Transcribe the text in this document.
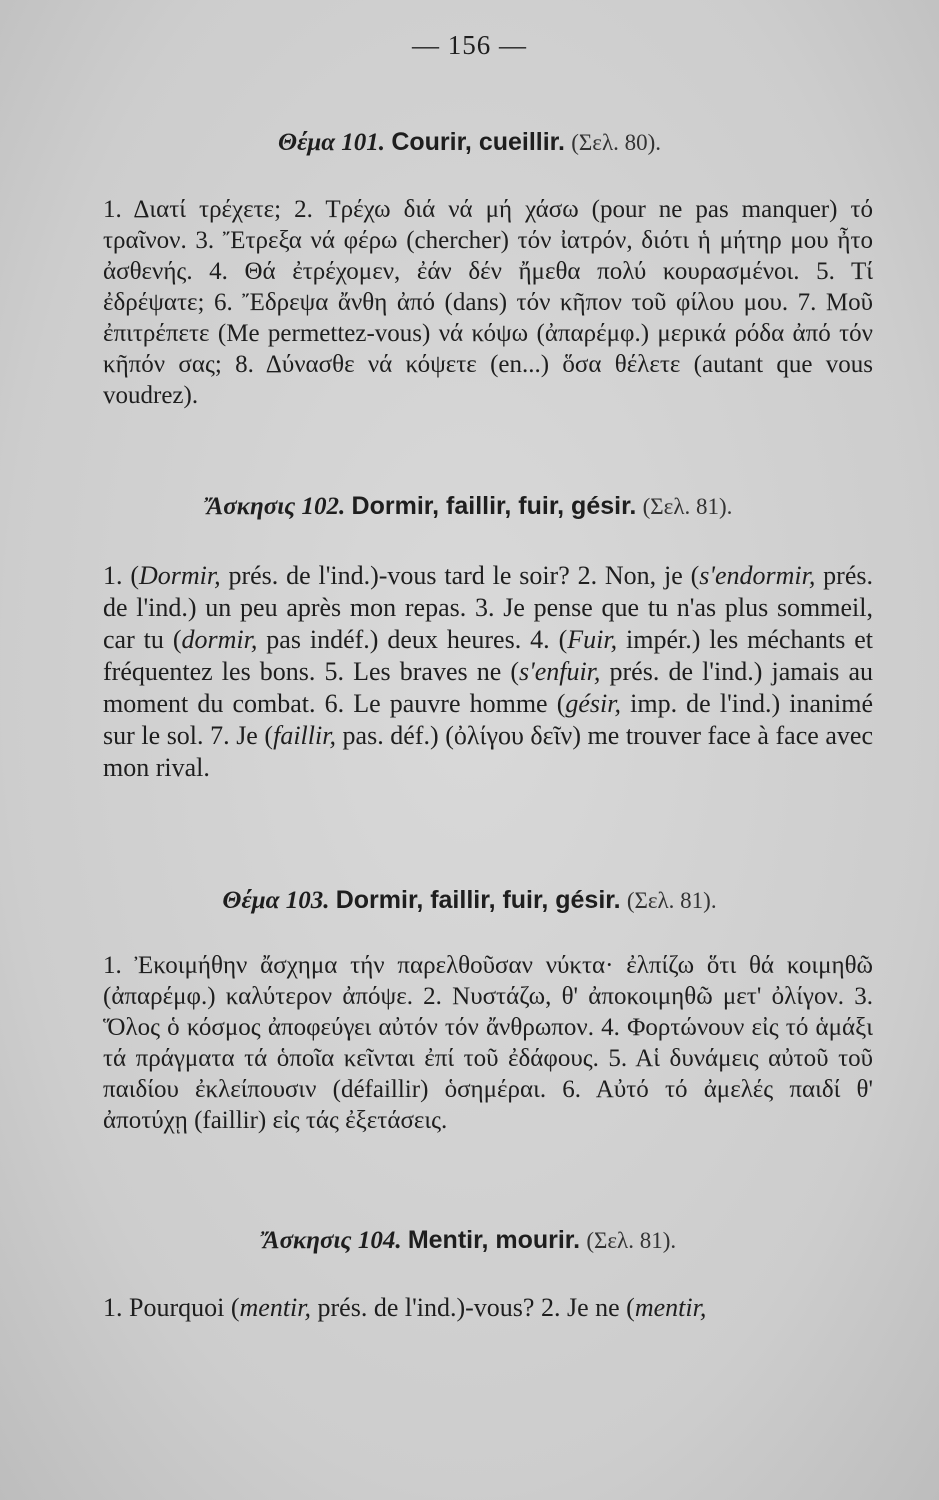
— 156 —
Θέμα 101. Courir, cueillir. (Σελ. 80).

1. Διατί τρέχετε; 2. Τρέχω διά νά μή χάσω (pour ne pas manquer) τό τραῖνον. 3. Ἔτρεξα νά φέρω (chercher) τόν ἰατρόν, διότι ἡ μήτηρ μου ἦτο ἀσθενής. 4. Θά ἐτρέχομεν, ἐάν δέν ἤμεθα πολύ κουρασμένοι. 5. Τί ἐδρέψατε; 6. Ἔδρεψα ἄνθη ἀπό (dans) τόν κῆπον τοῦ φίλου μου. 7. Μοῦ ἐπιτρέπετε (Me permettez-vous) νά κόψω (ἀπαρέμφ.) μερικά ρόδα ἀπό τόν κῆπόν σας; 8. Δύνασθε νά κόψετε (en...) ὅσα θέλετε (autant que vous voudrez).

Ἄσκησις 102. Dormir, faillir, fuir, gésir. (Σελ. 81).

1. (Dormir, prés. de l'ind.)-vous tard le soir? 2. Non, je (s'endormir, prés. de l'ind.) un peu après mon repas. 3. Je pense que tu n'as plus sommeil, car tu (dormir, pas indéf.) deux heures. 4. (Fuir, impér.) les méchants et fréquentez les bons. 5. Les braves ne (s'enfuir, prés. de l'ind.) jamais au moment du combat. 6. Le pauvre homme (gésir, imp. de l'ind.) inanimé sur le sol. 7. Je (faillir, pas. déf.) (ὀλίγου δεῖν) me trouver face à face avec mon rival.

Θέμα 103. Dormir, faillir, fuir, gésir. (Σελ. 81).

1. Ἐκοιμήθην ἄσχημα τήν παρελθοῦσαν νύκτα· ἐλπίζω ὅτι θά κοιμηθῶ (ἀπαρέμφ.) καλύτερον ἀπόψε. 2. Νυστάζω, θ' ἀποκοιμηθῶ μετ' ὀλίγον. 3. Ὅλος ὁ κόσμος ἀποφεύγει αὐτόν τόν ἄνθρωπον. 4. Φορτώνουν εἰς τό ἁμάξι τά πράγματα τά ὁποῖα κεῖνται ἐπί τοῦ ἐδάφους. 5. Αἱ δυνάμεις αὐτοῦ τοῦ παιδίου ἐκλείπουσιν (défaillir) ὁσημέραι. 6. Αὐτό τό ἀμελές παιδί θ' ἀποτύχῃ (faillir) εἰς τάς ἐξετάσεις.

Ἄσκησις 104. Mentir, mourir. (Σελ. 81).

1. Pourquoi (mentir, prés. de l'ind.)-vous? 2. Je ne (mentir,
